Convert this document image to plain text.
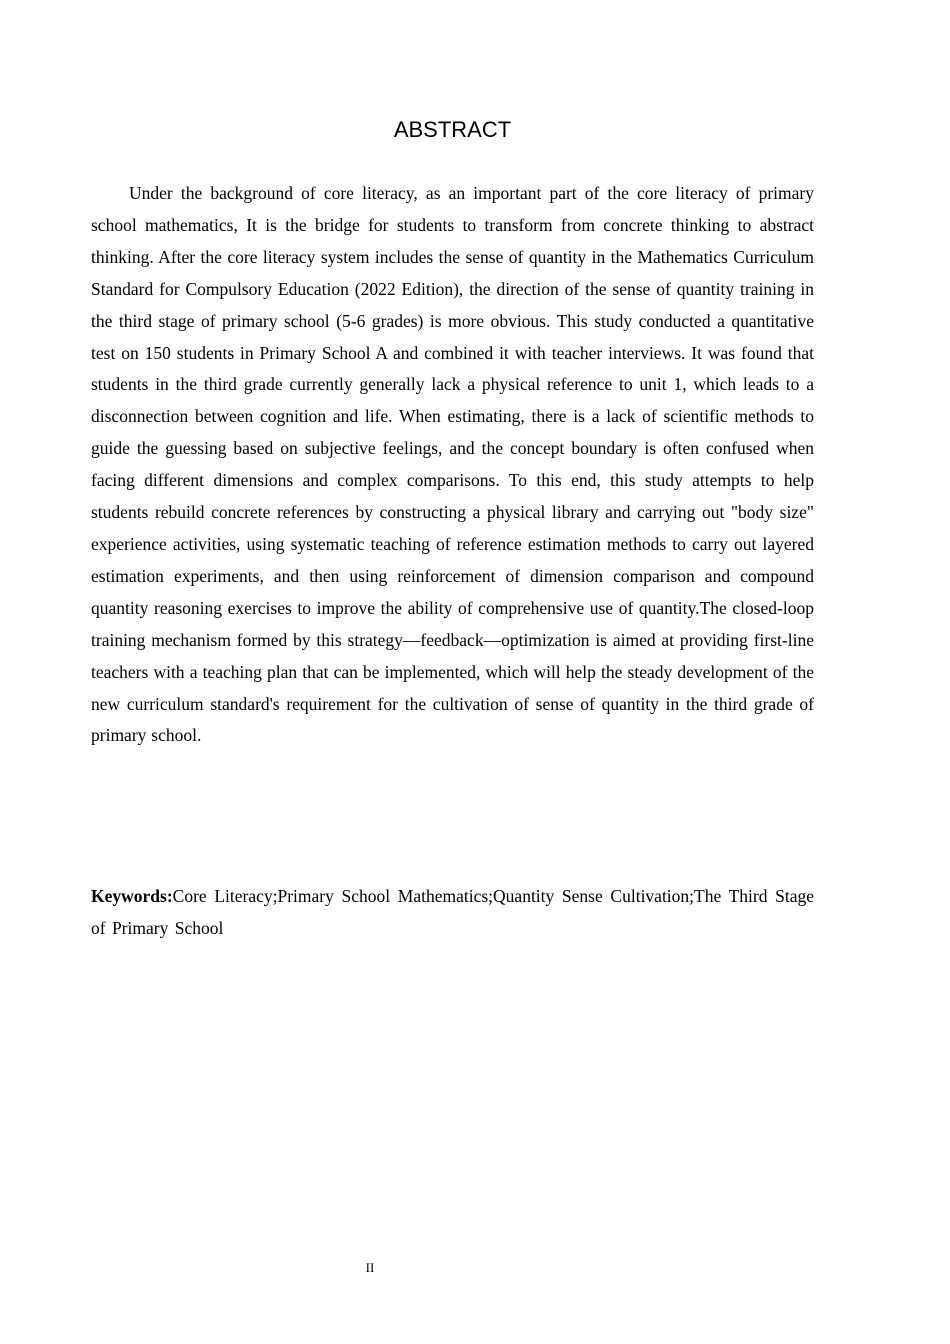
ABSTRACT

Under the background of core literacy, as an important part of the core literacy of primary school mathematics, It is the bridge for students to transform from concrete thinking to abstract thinking. After the core literacy system includes the sense of quantity in the Mathematics Curriculum Standard for Compulsory Education (2022 Edition), the direction of the sense of quantity training in the third stage of primary school (5-6 grades) is more obvious. This study conducted a quantitative test on 150 students in Primary School A and combined it with teacher interviews. It was found that students in the third grade currently generally lack a physical reference to unit 1, which leads to a disconnection between cognition and life. When estimating, there is a lack of scientific methods to guide the guessing based on subjective feelings, and the concept boundary is often confused when facing different dimensions and complex comparisons. To this end, this study attempts to help students rebuild concrete references by constructing a physical library and carrying out "body size" experience activities, using systematic teaching of reference estimation methods to carry out layered estimation experiments, and then using reinforcement of dimension comparison and compound quantity reasoning exercises to improve the ability of comprehensive use of quantity.The closed-loop training mechanism formed by this strategy—feedback—optimization is aimed at providing first-line teachers with a teaching plan that can be implemented, which will help the steady development of the new curriculum standard's requirement for the cultivation of sense of quantity in the third grade of primary school.

Keywords:Core Literacy;Primary School Mathematics;Quantity Sense Cultivation;The Third Stage of Primary School

II
